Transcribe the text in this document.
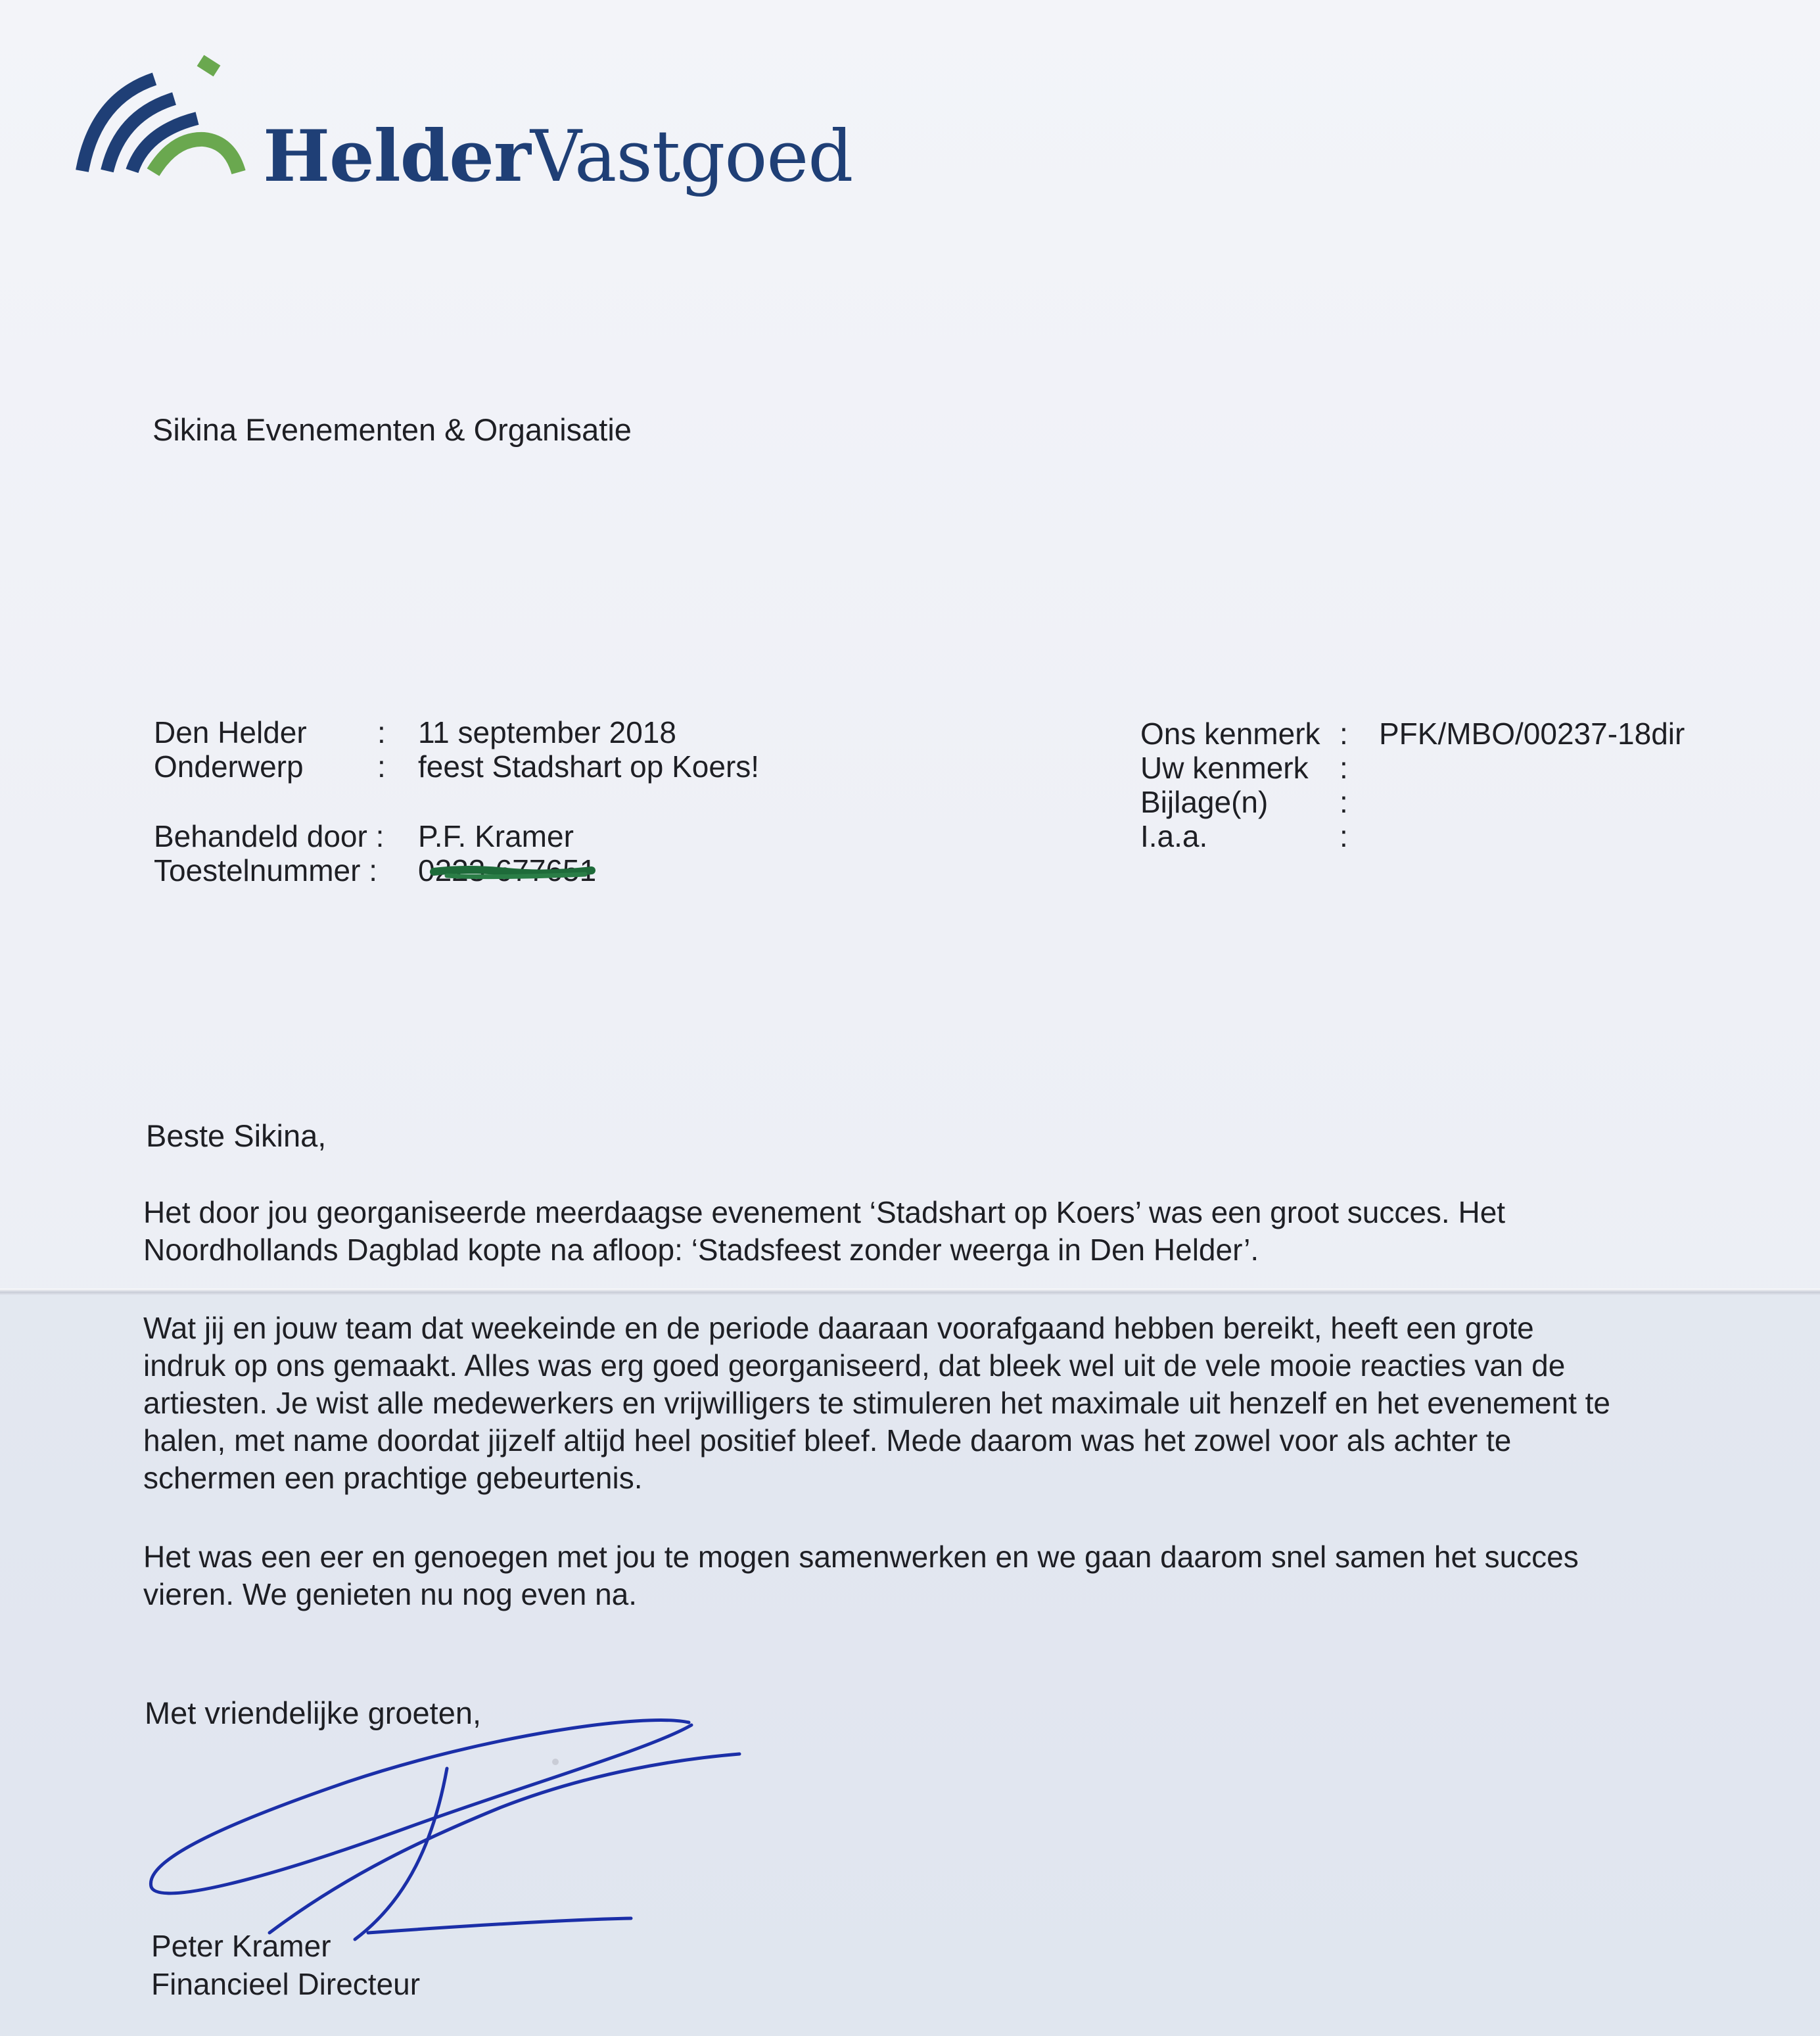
HelderVastgoed
Sikina Evenementen & Organisatie
Den Helder : 11 september 2018
Onderwerp : feest Stadshart op Koers!
Behandeld door : P.F. Kramer
Toestelnummer : 0223-677651
Ons kenmerk : PFK/MBO/00237-18dir
Uw kenmerk :
Bijlage(n) :
I.a.a.	:
Beste Sikina,
Het door jou georganiseerde meerdaagse evenement ‘Stadshart op Koers’ was een groot succes. Het
Noordhollands Dagblad kopte na afloop: ‘Stadsfeest zonder weerga in Den Helder’.
Wat jij en jouw team dat weekeinde en de periode daaraan voorafgaand hebben bereikt, heeft een grote
indruk op ons gemaakt. Alles was erg goed georganiseerd, dat bleek wel uit de vele mooie reacties van de
artiesten. Je wist alle medewerkers en vrijwilligers te stimuleren het maximale uit henzelf en het evenement te
halen, met name doordat jijzelf altijd heel positief bleef. Mede daarom was het zowel voor als achter te
schermen een prachtige gebeurtenis.
Het was een eer en genoegen met jou te mogen samenwerken en we gaan daarom snel samen het succes
vieren. We genieten nu nog even na.
Met vriendelijke groeten,
Peter Kramer
Financieel Directeur
